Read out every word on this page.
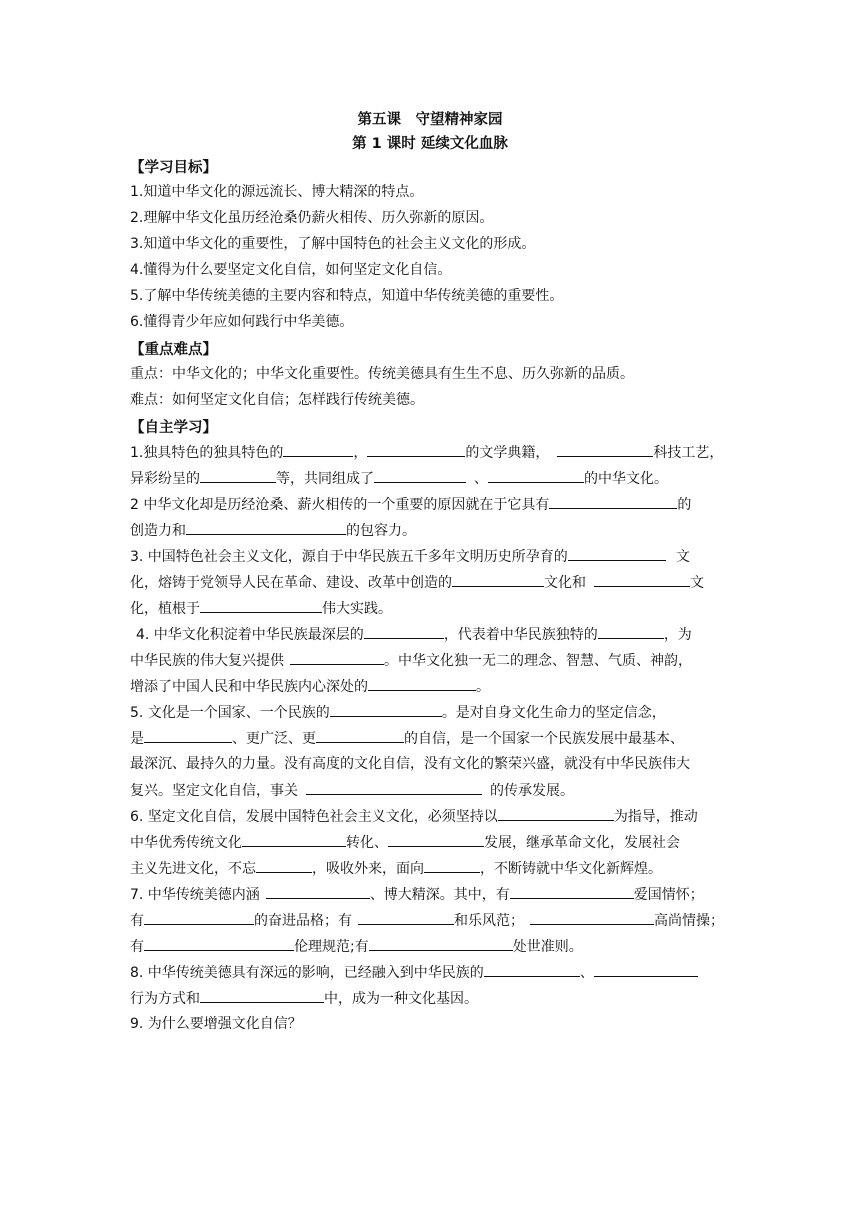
第五课　守望精神家园
第 1 课时 延续文化血脉
【学习目标】
1.知道中华文化的源远流长、博大精深的特点。
2.理解中华文化虽历经沧桑仍薪火相传、历久弥新的原因。
3.知道中华文化的重要性，了解中国特色的社会主义文化的形成。
4.懂得为什么要坚定文化自信，如何坚定文化自信。
5.了解中华传统美德的主要内容和特点，知道中华传统美德的重要性。
6.懂得青少年应如何践行中华美德。
【重点难点】
重点：中华文化的；中华文化重要性。传统美德具有生生不息、历久弥新的品质。
难点：如何坚定文化自信；怎样践行传统美德。
【自主学习】
1.独具特色的独具特色的	，	的文学典籍，	科技工艺，
异彩纷呈的	等，共同组成了	、	的中华文化。
2 中华文化却是历经沧桑、薪火相传的一个重要的原因就在于它具有	的
创造力和	的包容力。
3. 中国特色社会主义文化，源自于中华民族五千多年文明历史所孕育的	文
化，熔铸于党领导人民在革命、建设、改革中创造的	文化和	文
化，植根于	伟大实践。
4. 中华文化积淀着中华民族最深层的	，代表着中华民族独特的	，为
中华民族的伟大复兴提供	。中华文化独一无二的理念、智慧、气质、神韵，
增添了中国人民和中华民族内心深处的	。
5. 文化是一个国家、一个民族的	。是对自身文化生命力的坚定信念，
是	、更广泛、更	的自信，是一个国家一个民族发展中最基本、
最深沉、最持久的力量。没有高度的文化自信，没有文化的繁荣兴盛，就没有中华民族伟大
复兴。坚定文化自信，事关	的传承发展。
6. 坚定文化自信，发展中国特色社会主义文化，必须坚持以	为指导，推动
中华优秀传统文化	转化、	发展，继承革命文化，发展社会
主义先进文化，不忘	，吸收外来，面向	，不断铸就中华文化新辉煌。
7. 中华传统美德内涵	、博大精深。其中，有	爱国情怀；
有	的奋进品格；有	和乐风范；	高尚情操；
有	伦理规范;有	处世准则。
8. 中华传统美德具有深远的影响，已经融入到中华民族的	、
行为方式和	中，成为一种文化基因。
9. 为什么要增强文化自信？
